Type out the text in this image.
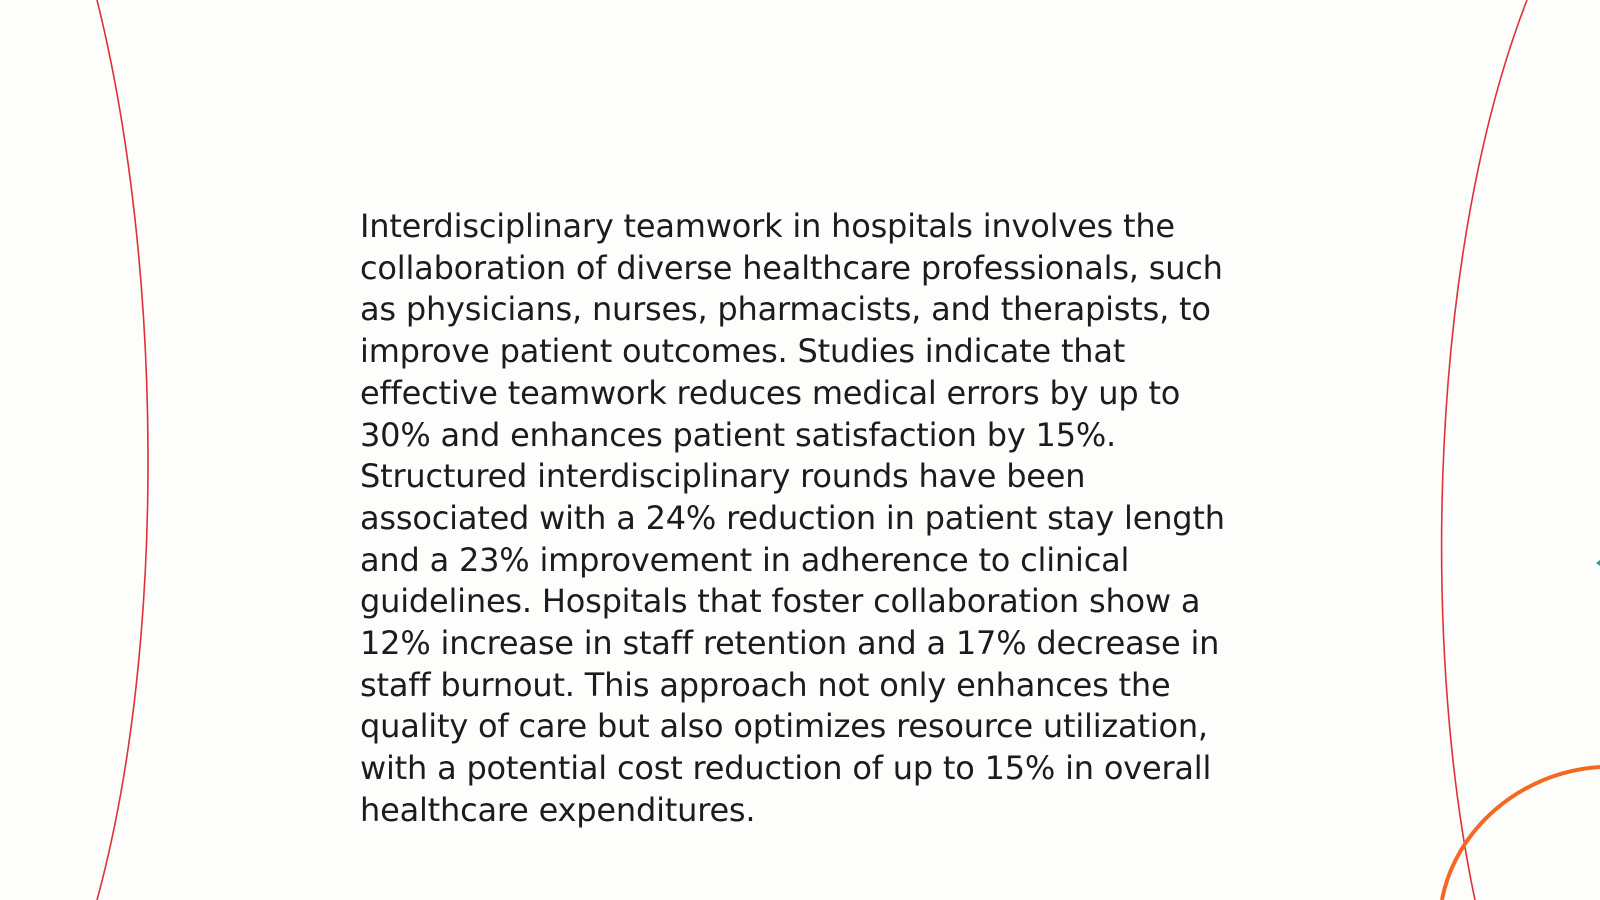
Interdisciplinary teamwork in hospitals involves the collaboration of diverse healthcare professionals, such as physicians, nurses, pharmacists, and therapists, to improve patient outcomes. Studies indicate that effective teamwork reduces medical errors by up to 30% and enhances patient satisfaction by 15%. Structured interdisciplinary rounds have been associated with a 24% reduction in patient stay length and a 23% improvement in adherence to clinical guidelines. Hospitals that foster collaboration show a 12% increase in staff retention and a 17% decrease in staff burnout. This approach not only enhances the quality of care but also optimizes resource utilization, with a potential cost reduction of up to 15% in overall healthcare expenditures.
